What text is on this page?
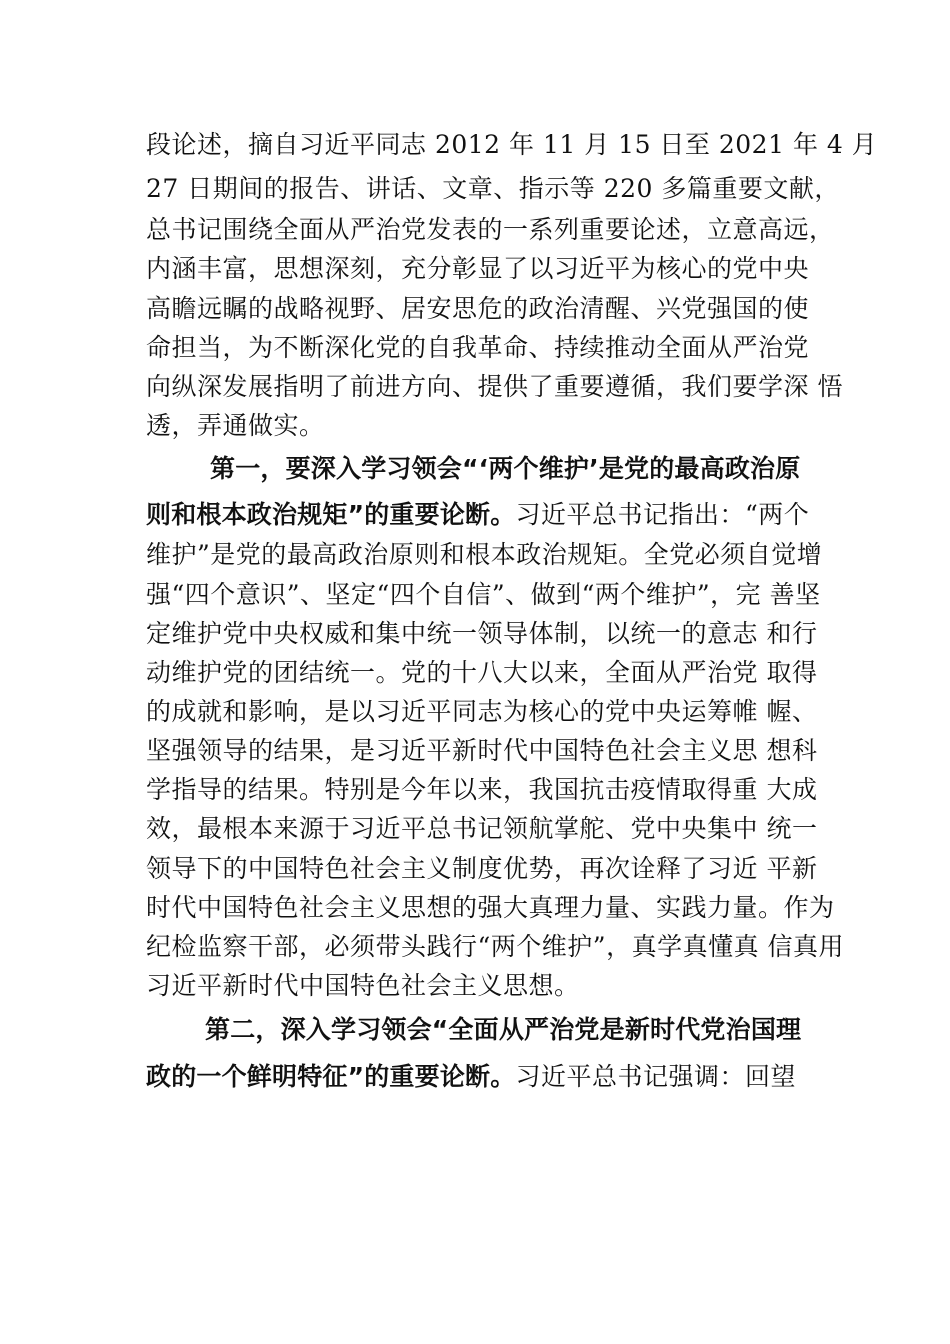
段论述，摘自习近平同志 2012 年 11 月 15 日至 2021 年 4 月
27 日期间的报告、讲话、文章、指示等 220 多篇重要文献，
总书记围绕全面从严治党发表的一系列重要论述，立意高远，
内涵丰富，思想深刻，充分彰显了以习近平为核心的党中央
高瞻远瞩的战略视野、居安思危的政治清醒、兴党强国的使
命担当，为不断深化党的自我革命、持续推动全面从严治党
向纵深发展指明了前进方向、提供了重要遵循，我们要学深 悟
透，弄通做实。
第一，要深入学习领会“‘两个维护’是党的最高政治原
则和根本政治规矩”的重要论断。习近平总书记指出：“两个
维护”是党的最高政治原则和根本政治规矩。全党必须自觉增
强“四个意识”、坚定“四个自信”、做到“两个维护”，完 善坚
定维护党中央权威和集中统一领导体制，以统一的意志 和行
动维护党的团结统一。党的十八大以来，全面从严治党 取得
的成就和影响，是以习近平同志为核心的党中央运筹帷 幄、
坚强领导的结果，是习近平新时代中国特色社会主义思 想科
学指导的结果。特别是今年以来，我国抗击疫情取得重 大成
效，最根本来源于习近平总书记领航掌舵、党中央集中 统一
领导下的中国特色社会主义制度优势，再次诠释了习近 平新
时代中国特色社会主义思想的强大真理力量、实践力量。作为
纪检监察干部，必须带头践行“两个维护”，真学真懂真 信真用
习近平新时代中国特色社会主义思想。
第二，深入学习领会“全面从严治党是新时代党治国理
政的一个鲜明特征”的重要论断。习近平总书记强调：回望
